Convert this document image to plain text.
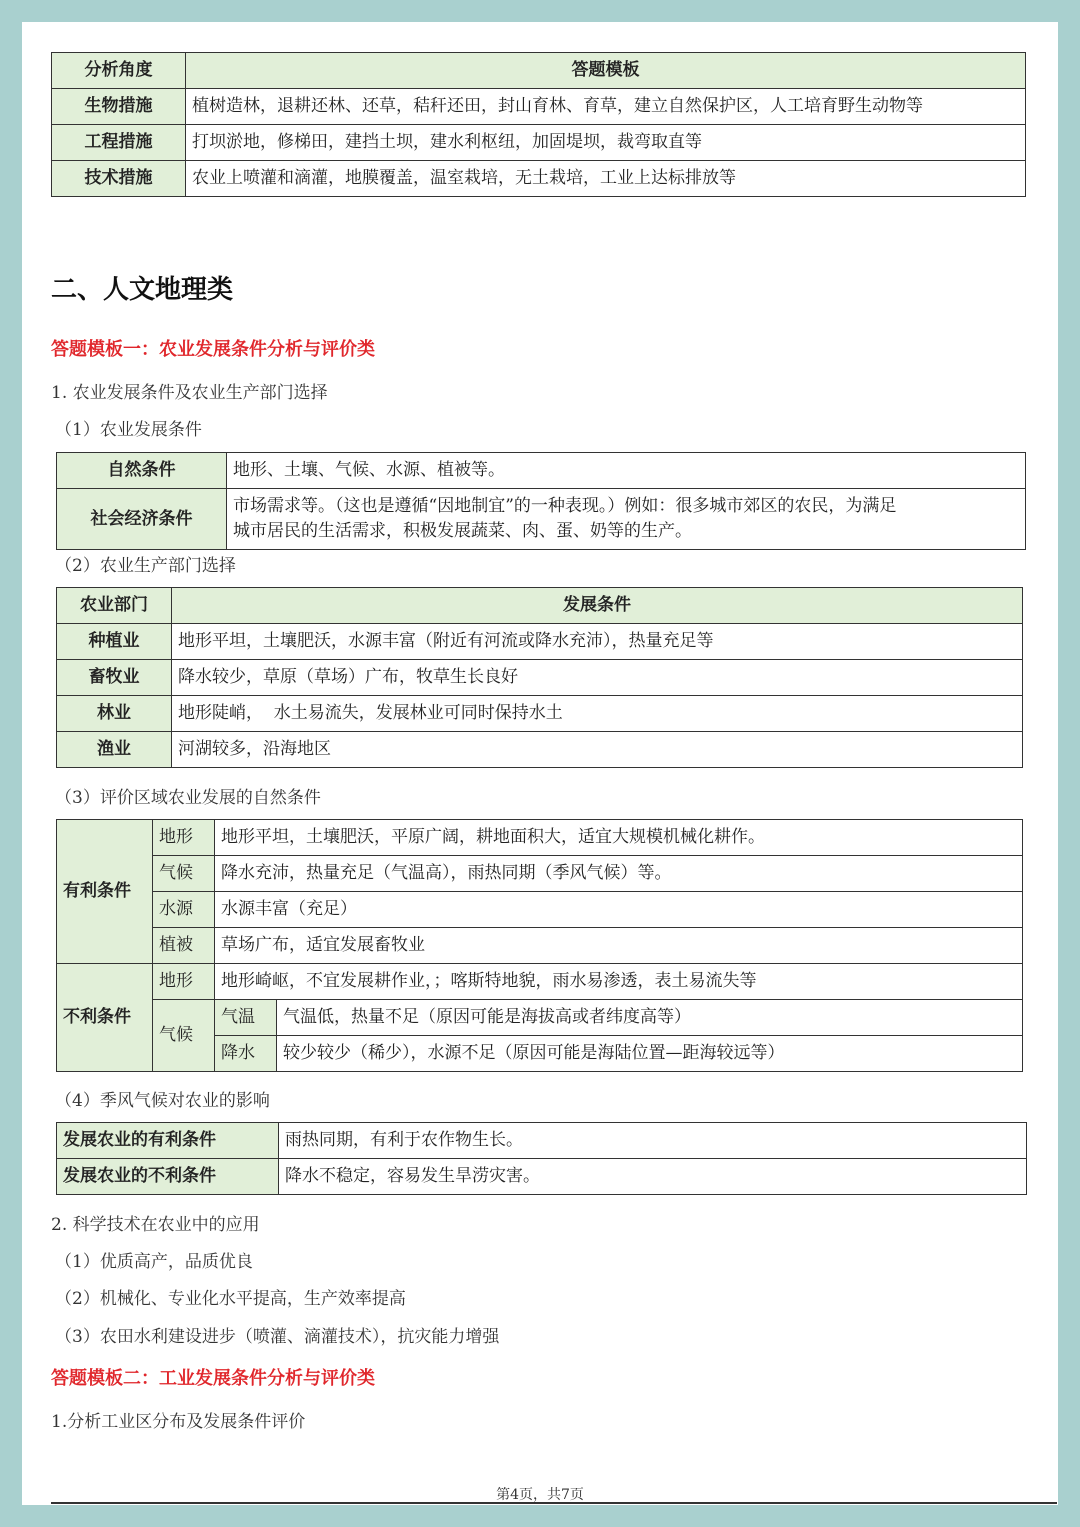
分析角度	答题模板
生物措施	植树造林，退耕还林、还草，秸秆还田，封山育林、育草，建立自然保护区，人工培育野生动物等
工程措施	打坝淤地，修梯田，建挡土坝，建水利枢纽，加固堤坝，裁弯取直等
技术措施	农业上喷灌和滴灌，地膜覆盖，温室栽培，无土栽培，工业上达标排放等
二、人文地理类
答题模板一：农业发展条件分析与评价类
1. 农业发展条件及农业生产部门选择
（1）农业发展条件
自然条件	地形、土壤、气候、水源、植被等。
社会经济条件	市场需求等。（这也是遵循“因地制宜”的一种表现。）例如：很多城市郊区的农民，为满足
城市居民的生活需求，积极发展蔬菜、肉、蛋、奶等的生产。
（2）农业生产部门选择
农业部门	发展条件
种植业	地形平坦，土壤肥沃，水源丰富（附近有河流或降水充沛），热量充足等
畜牧业	降水较少，草原（草场）广布，牧草生长良好
林业	地形陡峭，  水土易流失，发展林业可同时保持水土
渔业	河湖较多，沿海地区
（3）评价区域农业发展的自然条件
有利条件	地形	地形平坦，土壤肥沃，平原广阔，耕地面积大，适宜大规模机械化耕作。	
	气候	降水充沛，热量充足（气温高），雨热同期（季风气候）等。	
	水源	水源丰富（充足）	
	植被	草场广布，适宜发展畜牧业	
不利条件	地形	地形崎岖，不宜发展耕作业，；喀斯特地貌，雨水易渗透，表土易流失等	
	气候	气温	气温低，热量不足（原因可能是海拔高或者纬度高等）
		降水	较少较少（稀少），水源不足（原因可能是海陆位置—距海较远等）
（4）季风气候对农业的影响
发展农业的有利条件	雨热同期，有利于农作物生长。
发展农业的不利条件	降水不稳定，容易发生旱涝灾害。
2. 科学技术在农业中的应用
（1）优质高产，品质优良
（2）机械化、专业化水平提高，生产效率提高
（3）农田水利建设进步（喷灌、滴灌技术），抗灾能力增强
答题模板二：工业发展条件分析与评价类
1.分析工业区分布及发展条件评价
第4页，共7页
